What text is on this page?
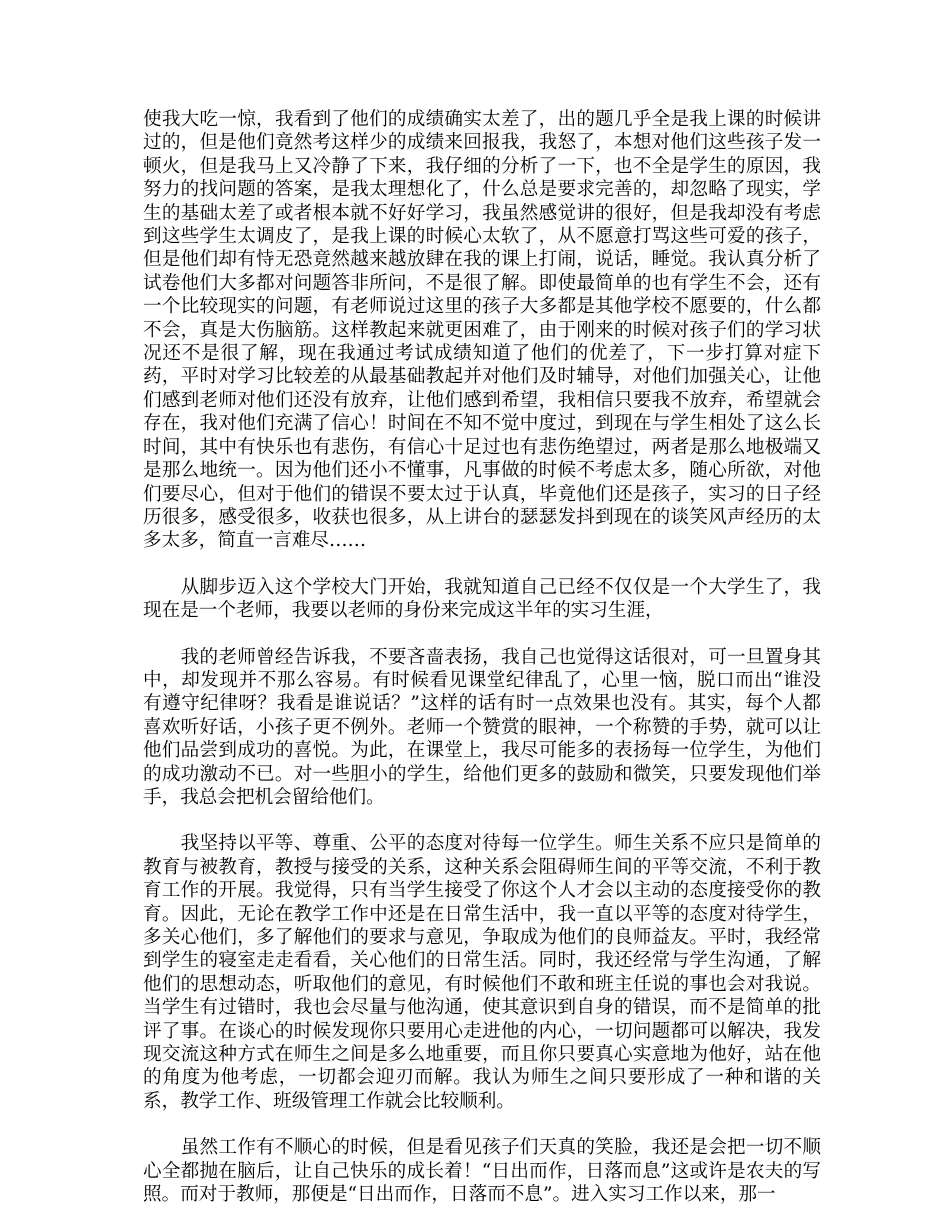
使我大吃一惊，我看到了他们的成绩确实太差了，出的题几乎全是我上课的时候讲过的，但是他们竟然考这样少的成绩来回报我，我怒了，本想对他们这些孩子发一顿火，但是我马上又冷静了下来，我仔细的分析了一下，也不全是学生的原因，我努力的找问题的答案，是我太理想化了，什么总是要求完善的，却忽略了现实，学生的基础太差了或者根本就不好好学习，我虽然感觉讲的很好，但是我却没有考虑到这些学生太调皮了，是我上课的时候心太软了，从不愿意打骂这些可爱的孩子，但是他们却有恃无恐竟然越来越放肆在我的课上打闹，说话，睡觉。我认真分析了试卷他们大多都对问题答非所问，不是很了解。即使最简单的也有学生不会，还有一个比较现实的问题，有老师说过这里的孩子大多都是其他学校不愿要的，什么都不会，真是大伤脑筋。这样教起来就更困难了，由于刚来的时候对孩子们的学习状况还不是很了解，现在我通过考试成绩知道了他们的优差了，下一步打算对症下药，平时对学习比较差的从最基础教起并对他们及时辅导，对他们加强关心，让他们感到老师对他们还没有放弃，让他们感到希望，我相信只要我不放弃，希望就会存在，我对他们充满了信心！时间在不知不觉中度过，到现在与学生相处了这么长时间，其中有快乐也有悲伤，有信心十足过也有悲伤绝望过，两者是那么地极端又是那么地统一。因为他们还小不懂事，凡事做的时候不考虑太多，随心所欲，对他们要尽心，但对于他们的错误不要太过于认真，毕竟他们还是孩子，实习的日子经历很多，感受很多，收获也很多，从上讲台的瑟瑟发抖到现在的谈笑风声经历的太多太多，简直一言难尽……

　　从脚步迈入这个学校大门开始，我就知道自己已经不仅仅是一个大学生了，我现在是一个老师，我要以老师的身份来完成这半年的实习生涯，

　　我的老师曾经告诉我，不要吝啬表扬，我自己也觉得这话很对，可一旦置身其中，却发现并不那么容易。有时候看见课堂纪律乱了，心里一恼，脱口而出“谁没有遵守纪律呀？我看是谁说话？”这样的话有时一点效果也没有。其实，每个人都喜欢听好话，小孩子更不例外。老师一个赞赏的眼神，一个称赞的手势，就可以让他们品尝到成功的喜悦。为此，在课堂上，我尽可能多的表扬每一位学生，为他们的成功激动不已。对一些胆小的学生，给他们更多的鼓励和微笑，只要发现他们举手，我总会把机会留给他们。

　　我坚持以平等、尊重、公平的态度对待每一位学生。师生关系不应只是简单的教育与被教育，教授与接受的关系，这种关系会阻碍师生间的平等交流，不利于教育工作的开展。我觉得，只有当学生接受了你这个人才会以主动的态度接受你的教育。因此，无论在教学工作中还是在日常生活中，我一直以平等的态度对待学生，多关心他们，多了解他们的要求与意见，争取成为他们的良师益友。平时，我经常到学生的寝室走走看看，关心他们的日常生活。同时，我还经常与学生沟通，了解他们的思想动态，听取他们的意见，有时候他们不敢和班主任说的事也会对我说。当学生有过错时，我也会尽量与他沟通，使其意识到自身的错误，而不是简单的批评了事。在谈心的时候发现你只要用心走进他的内心，一切问题都可以解决，我发现交流这种方式在师生之间是多么地重要，而且你只要真心实意地为他好，站在他的角度为他考虑，一切都会迎刃而解。我认为师生之间只要形成了一种和谐的关系，教学工作、班级管理工作就会比较顺利。

　　虽然工作有不顺心的时候，但是看见孩子们天真的笑脸，我还是会把一切不顺心全都抛在脑后，让自己快乐的成长着！“日出而作，日落而息”这或许是农夫的写照。而对于教师，那便是“日出而作，日落而不息”。进入实习工作以来，那一
